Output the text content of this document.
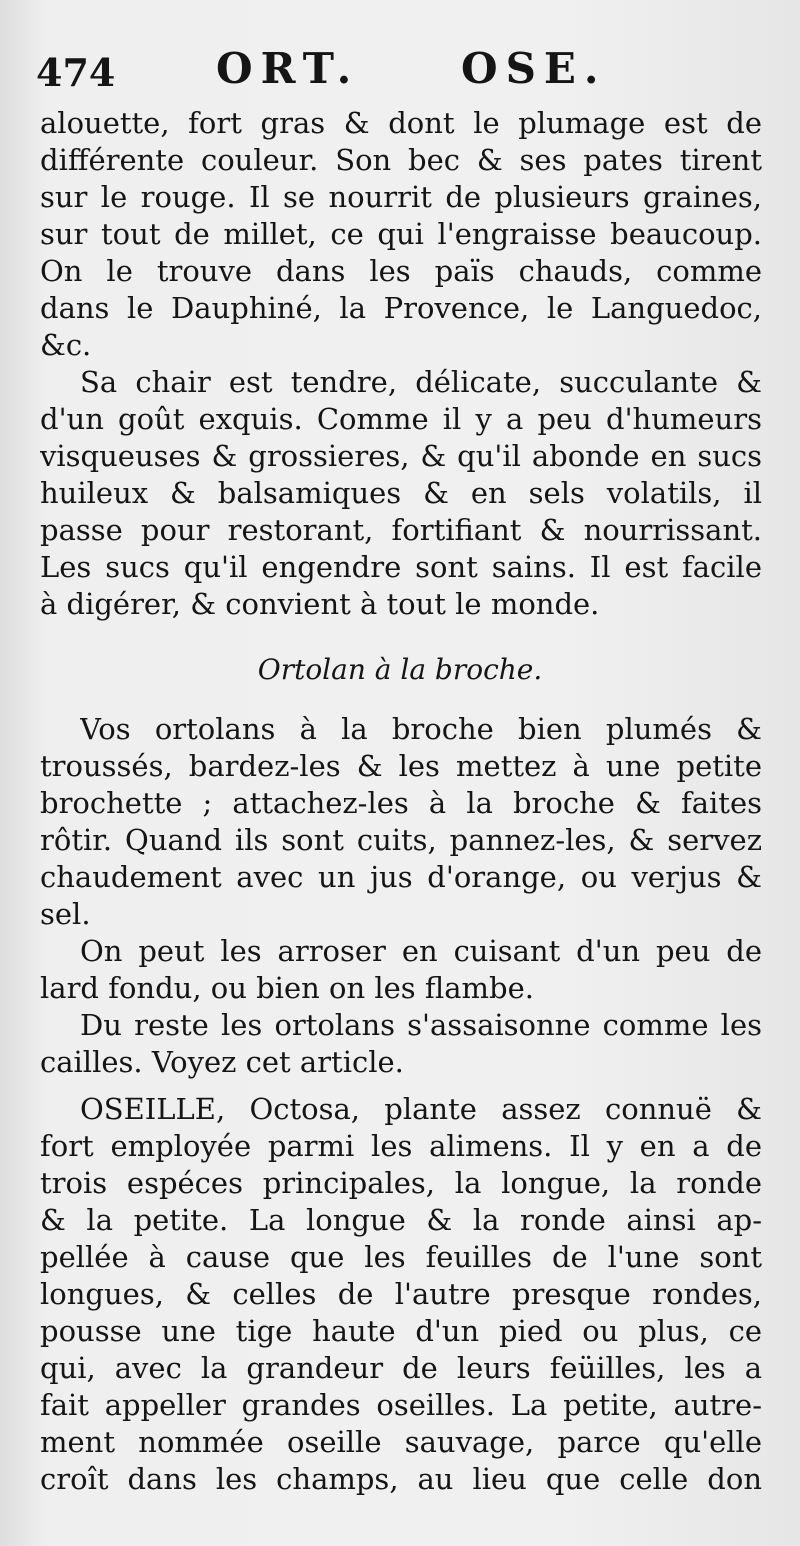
474 ORT. OSE.
alouette, fort gras & dont le plumage est de
différente couleur. Son bec & ses pates tirent
sur le rouge. Il se nourrit de plusieurs graines,
sur tout de millet, ce qui l'engraisse beaucoup.
On le trouve dans les païs chauds, comme
dans le Dauphiné, la Provence, le Languedoc,
&c.
Sa chair est tendre, délicate, succulante &
d'un goût exquis. Comme il y a peu d'humeurs
visqueuses & grossieres, & qu'il abonde en sucs
huileux & balsamiques & en sels volatils, il
passe pour restorant, fortifiant & nourrissant.
Les sucs qu'il engendre sont sains. Il est facile
à digérer, & convient à tout le monde.
Ortolan à la broche.
Vos ortolans à la broche bien plumés &
troussés, bardez-les & les mettez à une petite
brochette ; attachez-les à la broche & faites
rôtir. Quand ils sont cuits, pannez-les, & servez
chaudement avec un jus d'orange, ou verjus &
sel.
On peut les arroser en cuisant d'un peu de
lard fondu, ou bien on les flambe.
Du reste les ortolans s'assaisonne comme les
cailles. Voyez cet article.
OSEILLE, Octosa, plante assez connuë &
fort employée parmi les alimens. Il y en a de
trois espéces principales, la longue, la ronde
& la petite. La longue & la ronde ainsi ap-
pellée à cause que les feuilles de l'une sont
longues, & celles de l'autre presque rondes,
pousse une tige haute d'un pied ou plus, ce
qui, avec la grandeur de leurs feüilles, les a
fait appeller grandes oseilles. La petite, autre-
ment nommée oseille sauvage, parce qu'elle
croît dans les champs, au lieu que celle don
